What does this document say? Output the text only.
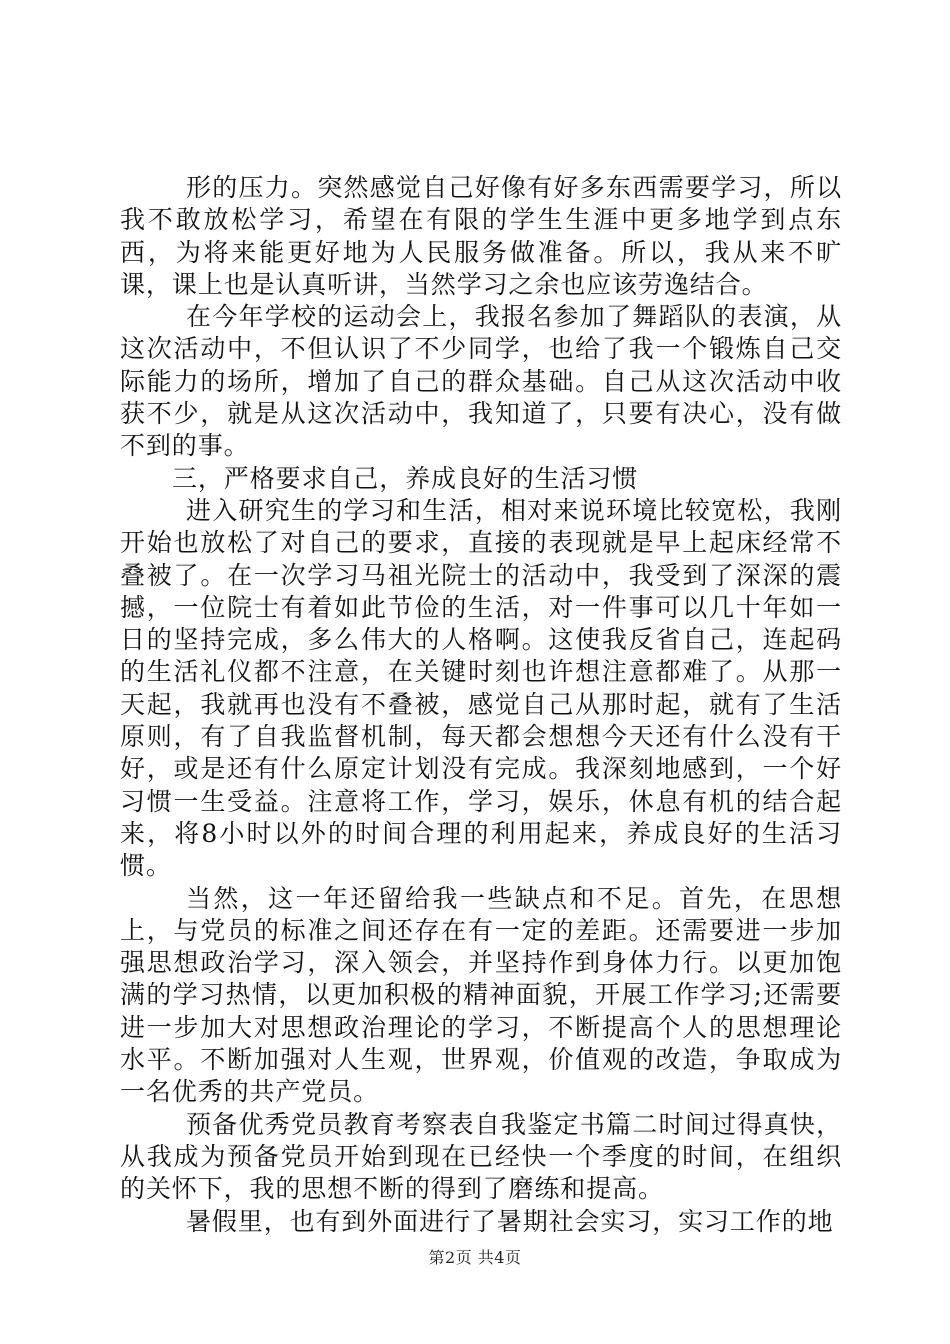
形的压力。突然感觉自己好像有好多东西需要学习，所以我不敢放松学习，希望在有限的学生生涯中更多地学到点东西，为将来能更好地为人民服务做准备。所以，我从来不旷课，课上也是认真听讲，当然学习之余也应该劳逸结合。

在今年学校的运动会上，我报名参加了舞蹈队的表演，从这次活动中，不但认识了不少同学，也给了我一个锻炼自己交际能力的场所，增加了自己的群众基础。自己从这次活动中收获不少，就是从这次活动中，我知道了，只要有决心，没有做不到的事。

三，严格要求自己，养成良好的生活习惯

进入研究生的学习和生活，相对来说环境比较宽松，我刚开始也放松了对自己的要求，直接的表现就是早上起床经常不叠被了。在一次学习马祖光院士的活动中，我受到了深深的震撼，一位院士有着如此节俭的生活，对一件事可以几十年如一日的坚持完成，多么伟大的人格啊。这使我反省自己，连起码的生活礼仪都不注意，在关键时刻也许想注意都难了。从那一天起，我就再也没有不叠被，感觉自己从那时起，就有了生活原则，有了自我监督机制，每天都会想想今天还有什么没有干好，或是还有什么原定计划没有完成。我深刻地感到，一个好习惯一生受益。注意将工作，学习，娱乐，休息有机的结合起来，将8小时以外的时间合理的利用起来，养成良好的生活习惯。

当然，这一年还留给我一些缺点和不足。首先，在思想上，与党员的标准之间还存在有一定的差距。还需要进一步加强思想政治学习，深入领会，并坚持作到身体力行。以更加饱满的学习热情，以更加积极的精神面貌，开展工作学习;还需要进一步加大对思想政治理论的学习，不断提高个人的思想理论水平。不断加强对人生观，世界观，价值观的改造，争取成为一名优秀的共产党员。

预备优秀党员教育考察表自我鉴定书篇二时间过得真快，从我成为预备党员开始到现在已经快一个季度的时间，在组织的关怀下，我的思想不断的得到了磨练和提高。

暑假里，也有到外面进行了暑期社会实习，实习工作的地

第2页 共4页
